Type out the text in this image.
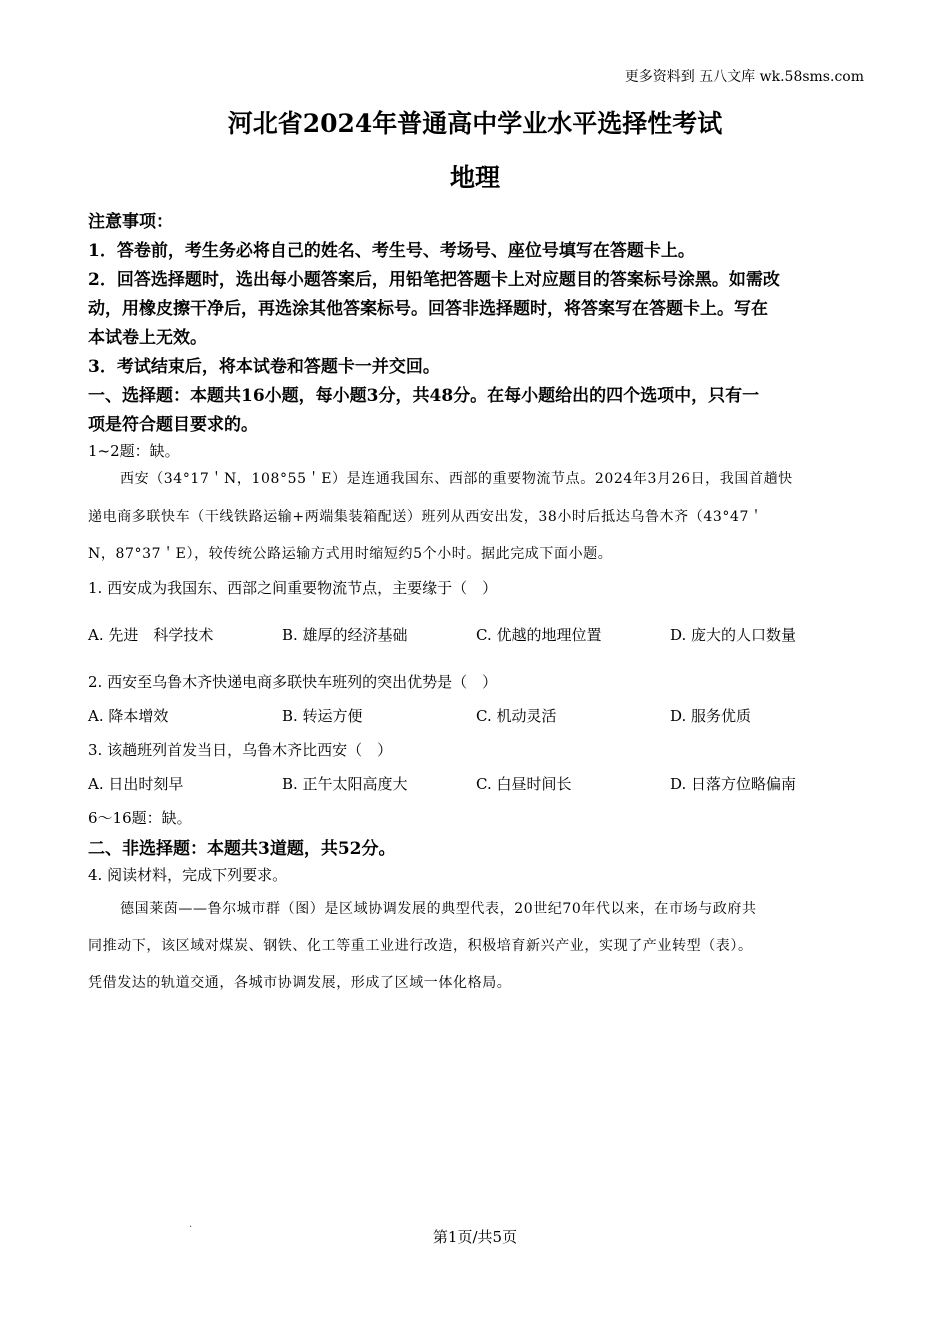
更多资料到 五八文库 wk.58sms.com
河北省2024年普通高中学业水平选择性考试
地理
注意事项：
1．答卷前，考生务必将自己的姓名、考生号、考场号、座位号填写在答题卡上。
2．回答选择题时，选出每小题答案后，用铅笔把答题卡上对应题目的答案标号涂黑。如需改
动，用橡皮擦干净后，再选涂其他答案标号。回答非选择题时，将答案写在答题卡上。写在
本试卷上无效。
3．考试结束后，将本试卷和答题卡一并交回。
一、选择题：本题共16小题，每小题3分，共48分。在每小题给出的四个选项中，只有一
项是符合题目要求的。
1~2题：缺。
西安（34°17＇N，108°55＇E）是连通我国东、西部的重要物流节点。2024年3月26日，我国首趟快
递电商多联快车（干线铁路运输+两端集装箱配送）班列从西安出发，38小时后抵达乌鲁木齐（43°47＇
N，87°37＇E），较传统公路运输方式用时缩短约5个小时。据此完成下面小题。
1. 西安成为我国东、西部之间重要物流节点，主要缘于（　）
A. 先进　科学技术	B. 雄厚的经济基础	C. 优越的地理位置	D. 庞大的人口数量
2. 西安至乌鲁木齐快递电商多联快车班列的突出优势是（　）
A. 降本增效	B. 转运方便	C. 机动灵活	D. 服务优质
3. 该趟班列首发当日，乌鲁木齐比西安（　）
A. 日出时刻早	B. 正午太阳高度大	C. 白昼时间长	D. 日落方位略偏南
6～16题：缺。
二、非选择题：本题共3道题，共52分。
4. 阅读材料，完成下列要求。
德国莱茵——鲁尔城市群（图）是区域协调发展的典型代表，20世纪70年代以来，在市场与政府共
同推动下，该区域对煤炭、钢铁、化工等重工业进行改造，积极培育新兴产业，实现了产业转型（表）。
凭借发达的轨道交通，各城市协调发展，形成了区域一体化格局。
·
第1页/共5页
